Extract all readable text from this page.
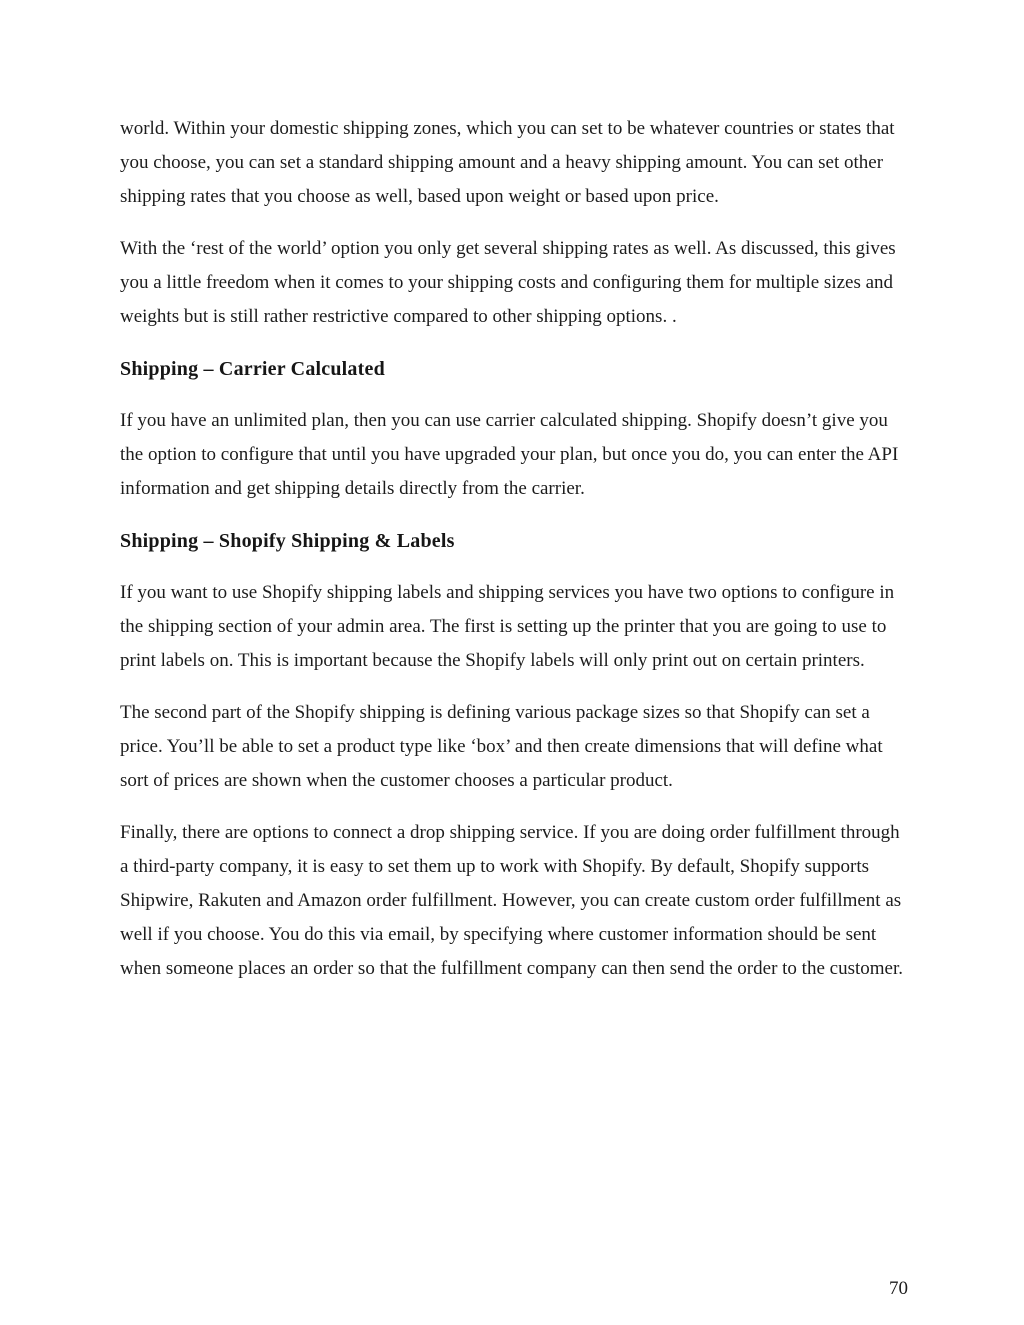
world. Within your domestic shipping zones, which you can set to be whatever countries or states that you choose, you can set a standard shipping amount and a heavy shipping amount. You can set other shipping rates that you choose as well, based upon weight or based upon price.

With the ‘rest of the world’ option you only get several shipping rates as well. As discussed, this gives you a little freedom when it comes to your shipping costs and configuring them for multiple sizes and weights but is still rather restrictive compared to other shipping options. .

Shipping – Carrier Calculated

If you have an unlimited plan, then you can use carrier calculated shipping. Shopify doesn’t give you the option to configure that until you have upgraded your plan, but once you do, you can enter the API information and get shipping details directly from the carrier.

Shipping – Shopify Shipping & Labels

If you want to use Shopify shipping labels and shipping services you have two options to configure in the shipping section of your admin area. The first is setting up the printer that you are going to use to print labels on. This is important because the Shopify labels will only print out on certain printers.

The second part of the Shopify shipping is defining various package sizes so that Shopify can set a price. You’ll be able to set a product type like ‘box’ and then create dimensions that will define what sort of prices are shown when the customer chooses a particular product.

Finally, there are options to connect a drop shipping service. If you are doing order fulfillment through a third-party company, it is easy to set them up to work with Shopify. By default, Shopify supports Shipwire, Rakuten and Amazon order fulfillment. However, you can create custom order fulfillment as well if you choose. You do this via email, by specifying where customer information should be sent when someone places an order so that the fulfillment company can then send the order to the customer.

70
